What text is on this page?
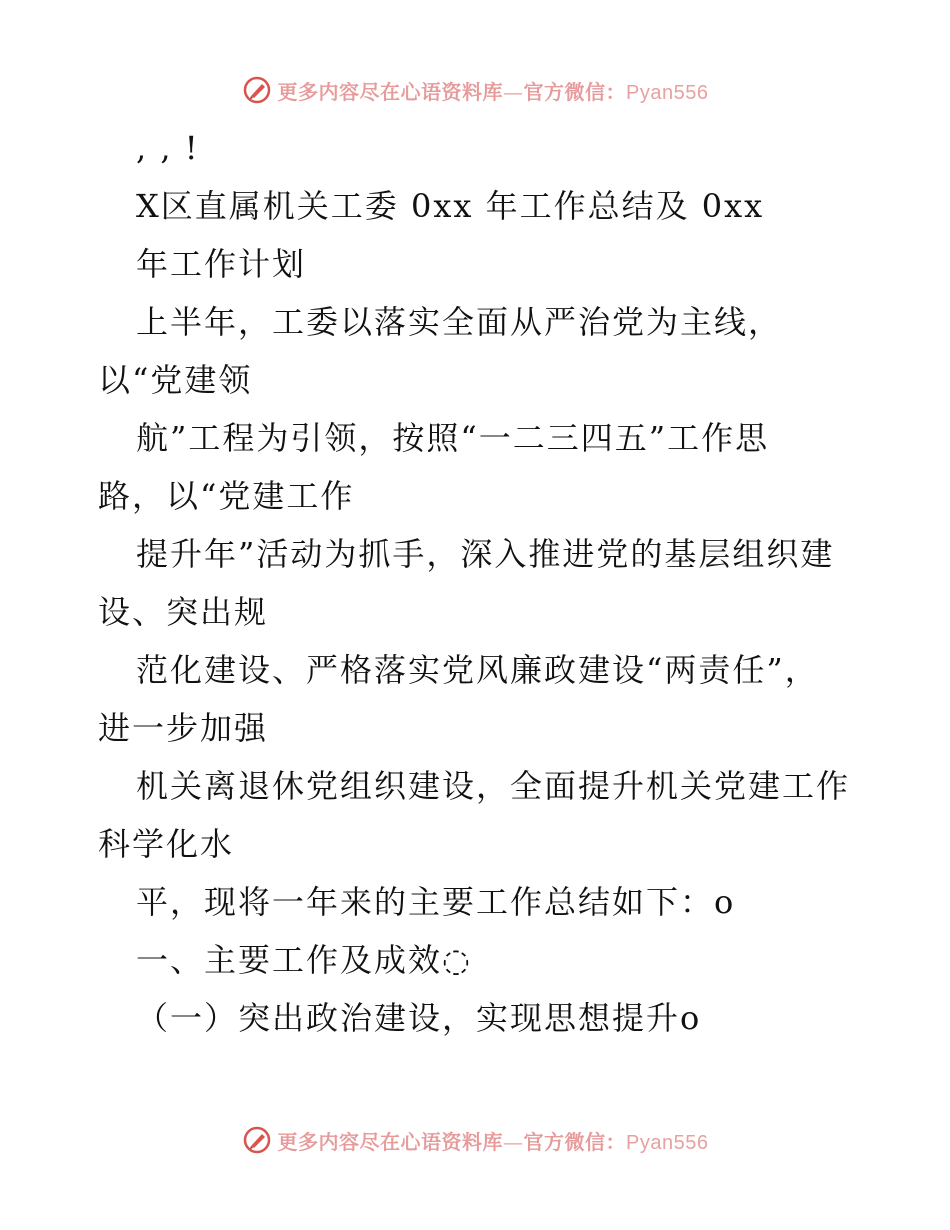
更多内容尽在心语资料库—官方微信：Pyan556
, , !
X区直属机关工委 0xx 年工作总结及 0xx
年工作计划
上半年，工委以落实全面从严治党为主线，
以“党建领
航”工程为引领，按照“一二三四五”工作思
路，以“党建工作
提升年”活动为抓手，深入推进党的基层组织建
设、突出规
范化建设、严格落实党风廉政建设“两责任”，
进一步加强
机关离退休党组织建设，全面提升机关党建工作
科学化水
平，现将一年来的主要工作总结如下：o
一、主要工作及成效◌
（一）突出政治建设，实现思想提升o
更多内容尽在心语资料库—官方微信：Pyan556
